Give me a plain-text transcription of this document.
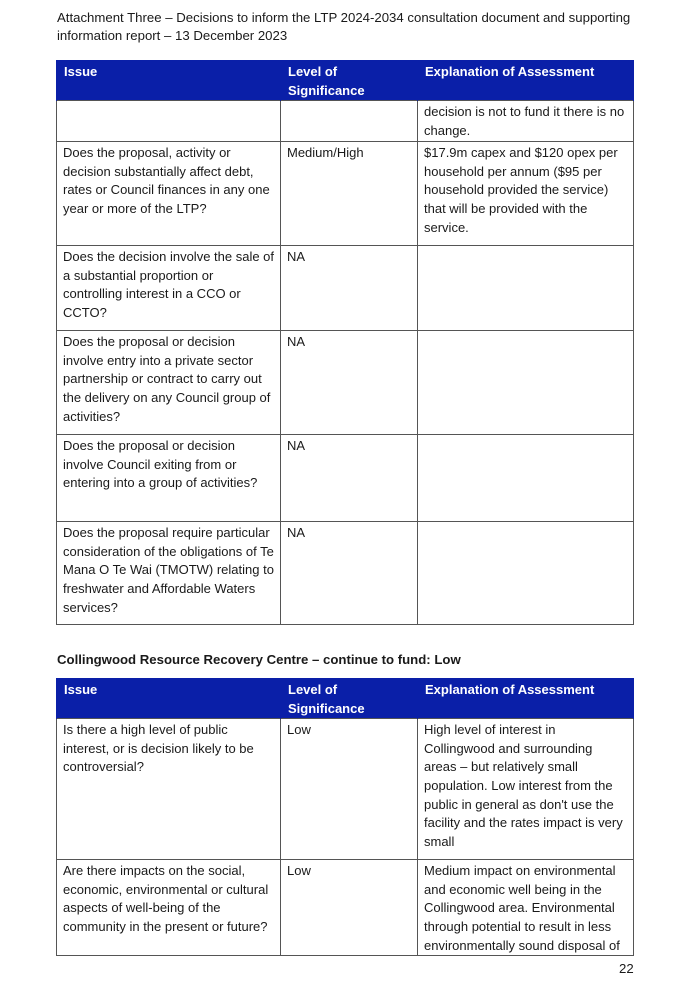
Attachment Three – Decisions to inform the LTP 2024-2034 consultation document and supporting
information report – 13 December 2023
Issue	Level of Significance	Explanation of Assessment
		decision is not to fund it there is no change.
Does the proposal, activity or decision substantially affect debt, rates or Council finances in any one year or more of the LTP?	Medium/High	$17.9m capex and $120 opex per household per annum ($95 per household provided the service) that will be provided with the service.
Does the decision involve the sale of a substantial proportion or controlling interest in a CCO or CCTO?	NA	
Does the proposal or decision involve entry into a private sector partnership or contract to carry out the delivery on any Council group of activities?	NA	
Does the proposal or decision involve Council exiting from or entering into a group of activities?	NA	
Does the proposal require particular consideration of the obligations of Te Mana O Te Wai (TMOTW) relating to freshwater and Affordable Waters services?	NA	
Collingwood Resource Recovery Centre – continue to fund: Low
Issue	Level of Significance	Explanation of Assessment
Is there a high level of public interest, or is decision likely to be controversial?	Low	High level of interest in Collingwood and surrounding areas – but relatively small population. Low interest from the public in general as don't use the facility and the rates impact is very small
Are there impacts on the social, economic, environmental or cultural aspects of well-being of the community in the present or future?	Low	Medium impact on environmental and economic well being in the Collingwood area. Environmental through potential to result in less environmentally sound disposal of
22
